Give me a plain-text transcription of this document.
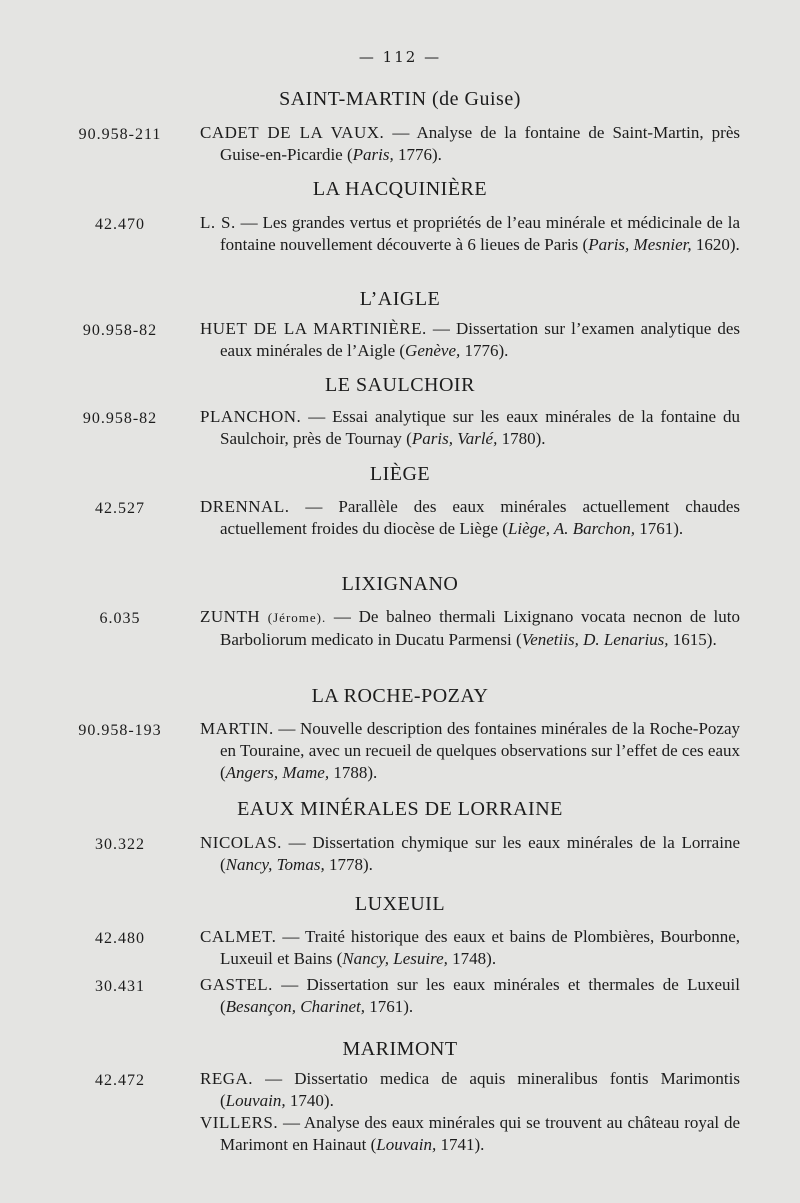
— 112 —
SAINT-MARTIN (de Guise)
90.958-211	CADET DE LA VAUX. — Analyse de la fontaine de Saint-Martin, près Guise-en-Picardie (Paris, 1776).
LA HACQUINIÈRE
42.470	L. S. — Les grandes vertus et propriétés de l’eau minérale et médicinale de la fontaine nouvellement découverte à 6 lieues de Paris (Paris, Mesnier, 1620).
L’AIGLE
90.958-82	HUET DE LA MARTINIÈRE. — Dissertation sur l’examen analytique des eaux minérales de l’Aigle (Genève, 1776).
LE SAULCHOIR
90.958-82	PLANCHON. — Essai analytique sur les eaux minérales de la fontaine du Saulchoir, près de Tournay (Paris, Varlé, 1780).
LIÈGE
42.527	DRENNAL. — Parallèle des eaux minérales actuellement chaudes actuellement froides du diocèse de Liège (Liège, A. Barchon, 1761).
LIXIGNANO
6.035	ZUNTH (Jérome). — De balneo thermali Lixignano vocata necnon de luto Barboliorum medicato in Ducatu Parmensi (Venetiis, D. Lenarius, 1615).
LA ROCHE-POZAY
90.958-193	MARTIN. — Nouvelle description des fontaines minérales de la Roche-Pozay en Touraine, avec un recueil de quelques observations sur l’effet de ces eaux (Angers, Mame, 1788).
EAUX MINÉRALES DE LORRAINE
30.322	NICOLAS. — Dissertation chymique sur les eaux minérales de la Lorraine (Nancy, Tomas, 1778).
LUXEUIL
42.480	CALMET. — Traité historique des eaux et bains de Plombières, Bourbonne, Luxeuil et Bains (Nancy, Lesuire, 1748).
30.431	GASTEL. — Dissertation sur les eaux minérales et thermales de Luxeuil (Besançon, Charinet, 1761).
MARIMONT
42.472	REGA. — Dissertatio medica de aquis mineralibus fontis Marimontis (Louvain, 1740).
VILLERS. — Analyse des eaux minérales qui se trouvent au château royal de Marimont en Hainaut (Louvain, 1741).
